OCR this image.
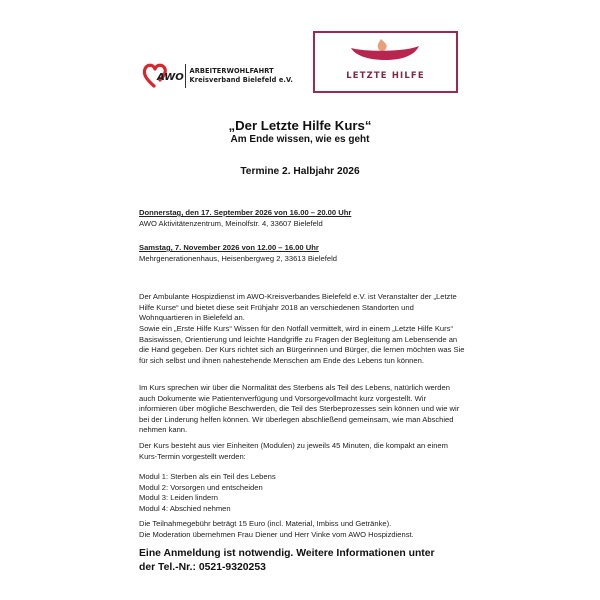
AWO
ARBEITERWOHLFAHRT
Kreisverband Bielefeld e.V.	LETZTE HILFE
„Der Letzte Hilfe Kurs“
Am Ende wissen, wie es geht
Termine 2. Halbjahr 2026
Donnerstag, den 17. September 2026 von 16.00 – 20.00 Uhr
AWO Aktivitätenzentrum, Meinolfstr. 4, 33607 Bielefeld
Samstag, 7. November 2026 von 12.00 – 16.00 Uhr
Mehrgenerationenhaus, Heisenbergweg 2, 33613 Bielefeld

Der Ambulante Hospizdienst im AWO-Kreisverbandes Bielefeld e.V. ist Veranstalter der „Letzte Hilfe Kurse“ und bietet diese seit Frühjahr 2018 an verschiedenen Standorten und Wohnquartieren in Bielefeld an.

Sowie ein „Erste Hilfe Kurs“ Wissen für den Notfall vermittelt, wird in einem „Letzte Hilfe Kurs“ Basiswissen, Orientierung und leichte Handgriffe zu Fragen der Begleitung am Lebensende an die Hand gegeben. Der Kurs richtet sich an Bürgerinnen und Bürger, die lernen möchten was Sie für sich selbst und ihnen nahestehende Menschen am Ende des Lebens tun können.

Im Kurs sprechen wir über die Normalität des Sterbens als Teil des Lebens, natürlich werden auch Dokumente wie Patientenverfügung und Vorsorgevollmacht kurz vorgestellt. Wir informieren über mögliche Beschwerden, die Teil des Sterbeprozesses sein können und wie wir bei der Linderung helfen können. Wir überlegen abschließend gemeinsam, wie man Abschied nehmen kann.

Der Kurs besteht aus vier Einheiten (Modulen) zu jeweils 45 Minuten, die kompakt an einem Kurs-Termin vorgestellt werden:

Modul 1: Sterben als ein Teil des Lebens
Modul 2: Vorsorgen und entscheiden
Modul 3: Leiden lindern
Modul 4: Abschied nehmen
Die Teilnahmegebühr beträgt 15 Euro (incl. Material, Imbiss und Getränke).
Die Moderation übernehmen Frau Diener und Herr Vinke vom AWO Hospizdienst.
Eine Anmeldung ist notwendig. Weitere Informationen unter
der Tel.-Nr.: 0521-9320253
